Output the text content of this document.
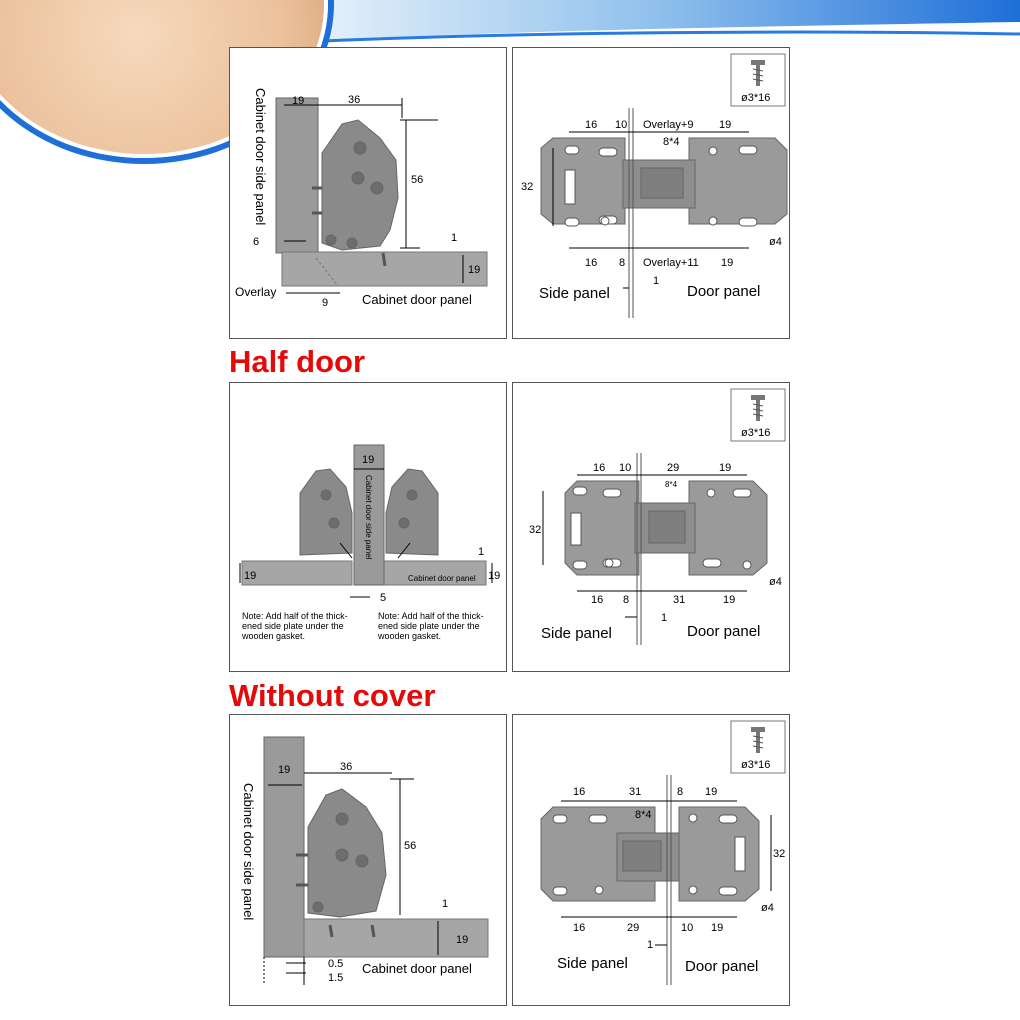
19	36
56
6	1
19
Overlay
9	Cabinet door panel
Cabinet door side panel	ø3*16
16 10 Overlay+9 19
8*4
32
16 8 Overlay+11 19
ø4
1
Side panel	Door panel
Half door
19
Cabinet door side panel
19	19
1
5
Cabinet door panel
Note: Add half of the thick- ened side plate under the wooden gasket.
Note: Add half of the thick- ened side plate under the wooden gasket.
ø3*16
16 10	29	19
8*4
32
16 8	31	19
ø4
1
Side panel	Door panel
Without cover
19	36
56
1
19
0.5
1.5
Cabinet door panel
Cabinet door side panel
ø3*16
16	31	8 19
8*4
32
16	29	10 19
ø4
1
Side panel	Door panel
